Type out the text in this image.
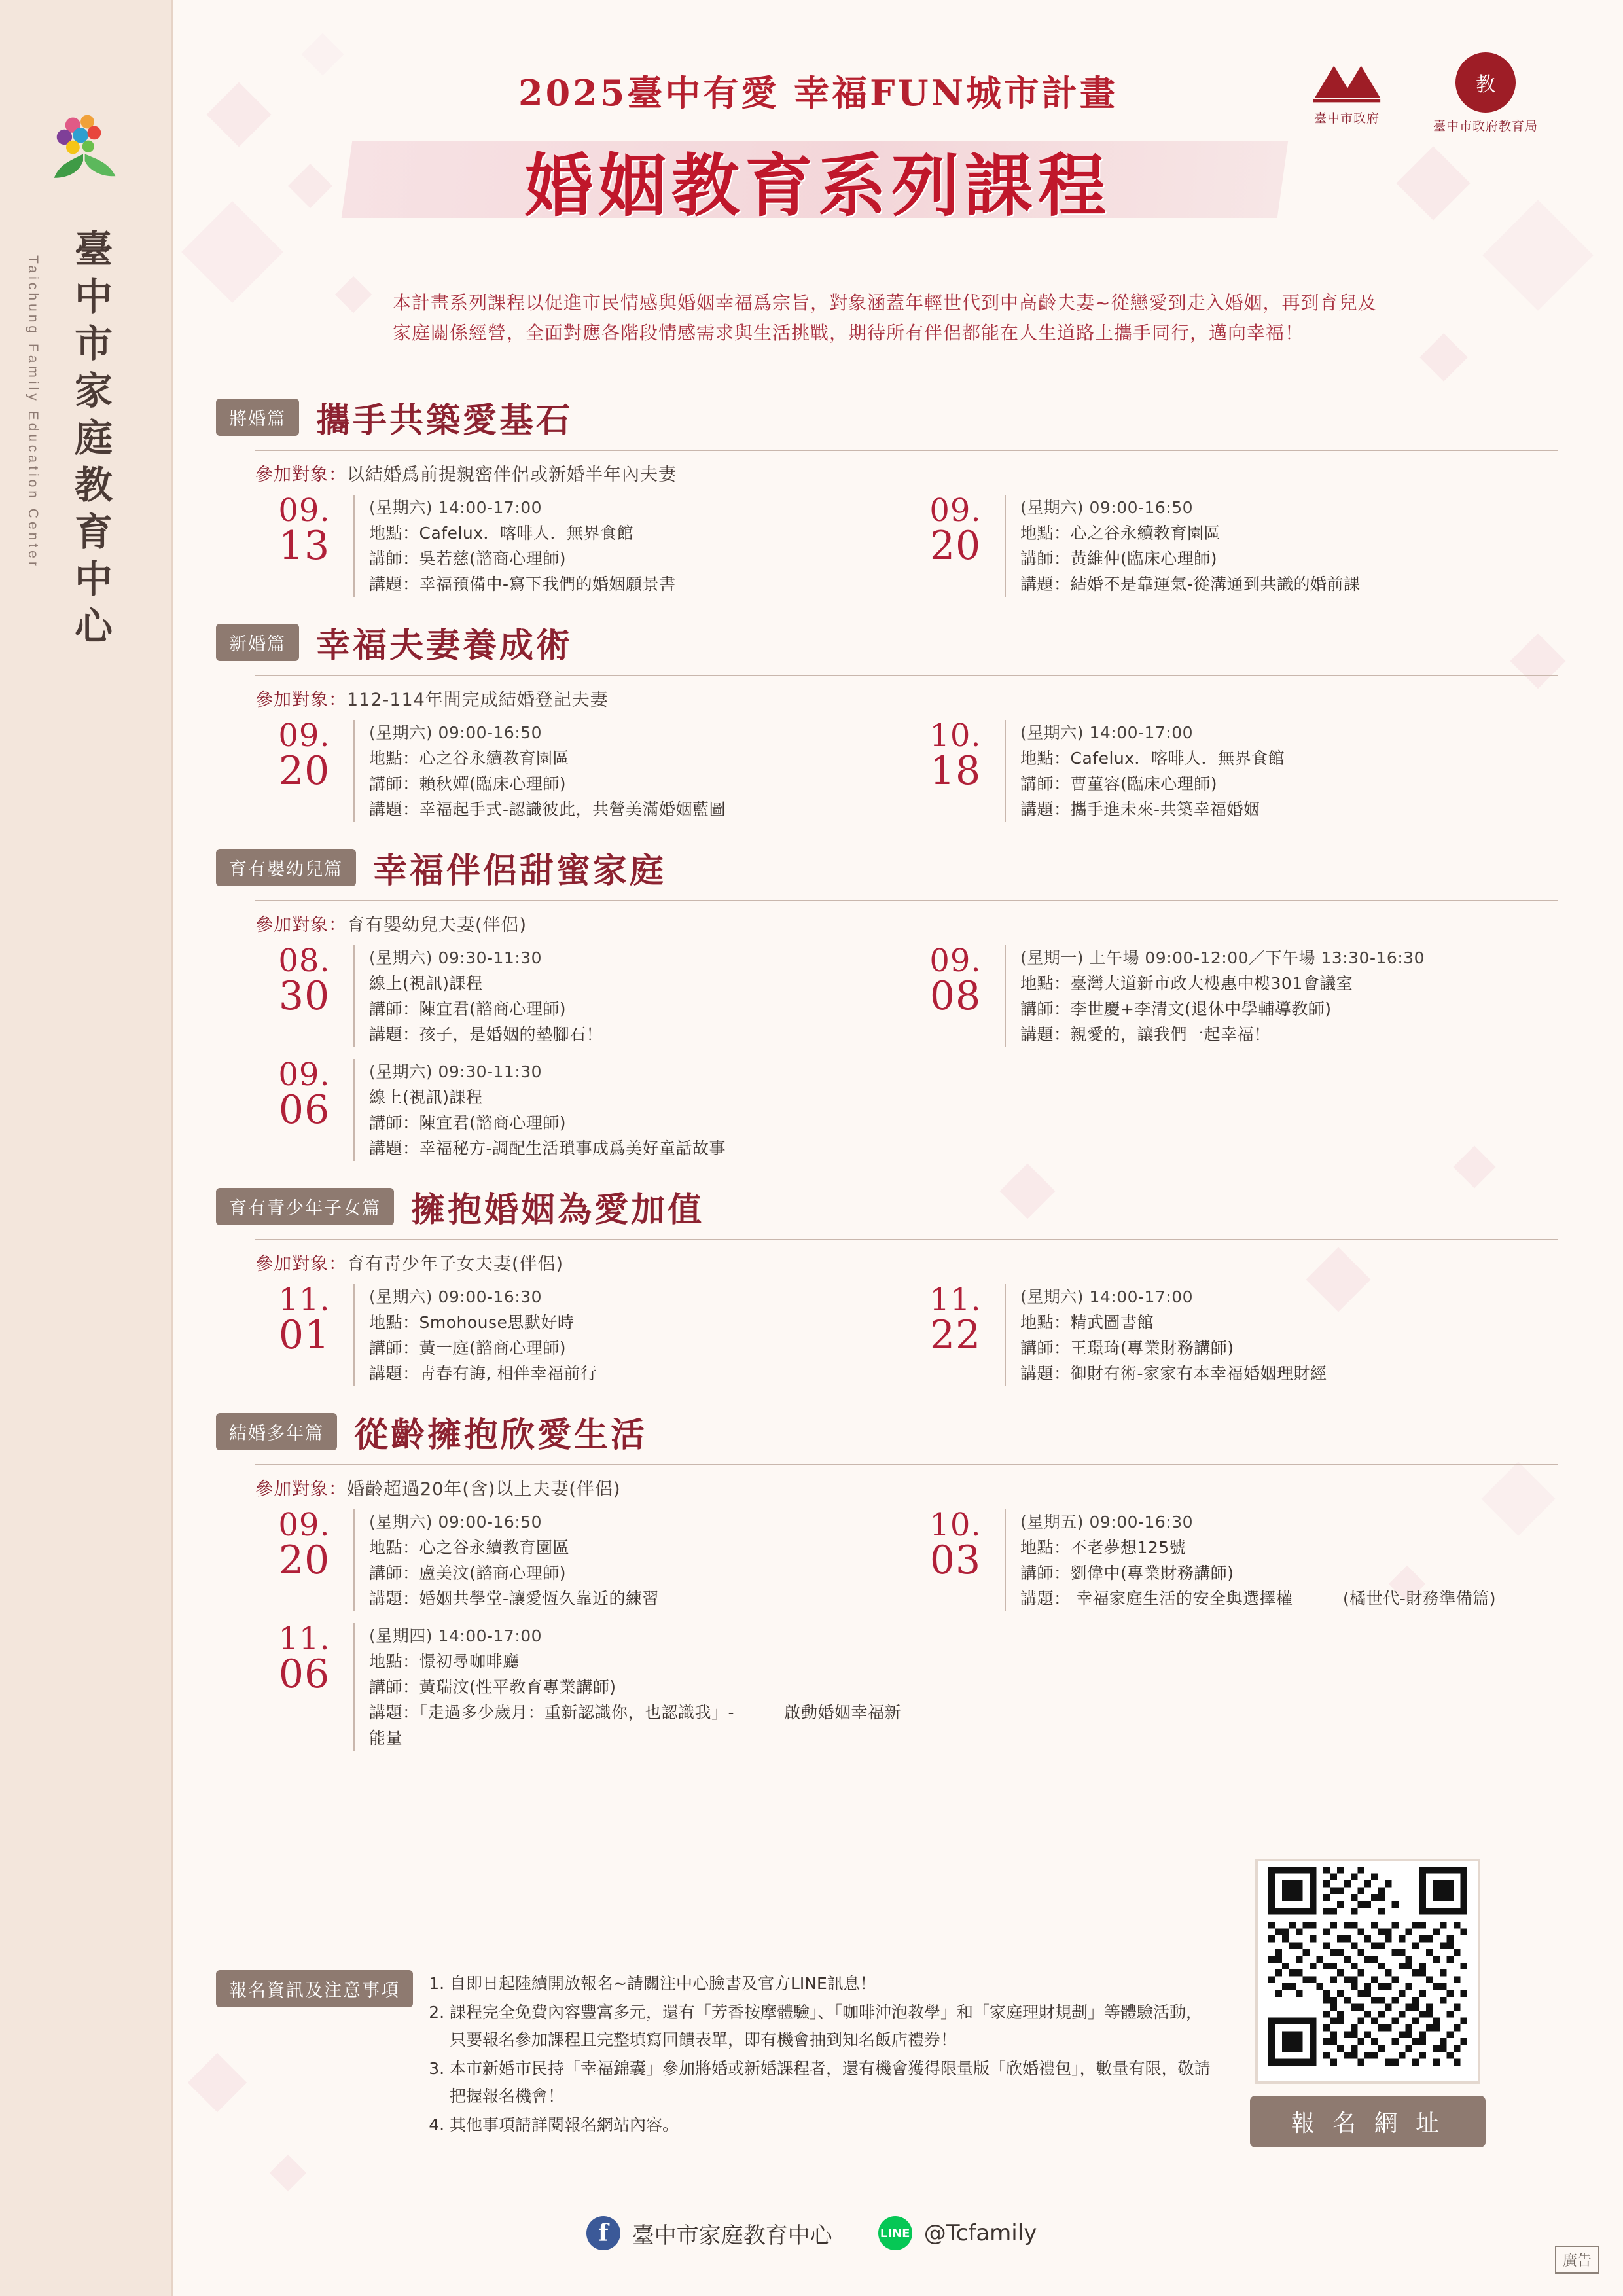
Taichung Family Education Center 臺中市家庭教育中心
臺中市政府
教
臺中市政府教育局
2025臺中有愛 幸福FUN城市計畫
婚姻教育系列課程
本計畫系列課程以促進市民情感與婚姻幸福爲宗旨，對象涵蓋年輕世代到中高齡夫妻~從戀愛到走入婚姻，再到育兒及家庭關係經營，全面對應各階段情感需求與生活挑戰，期待所有伴侶都能在人生道路上攜手同行，邁向幸福！
將婚篇 攜手共築愛基石
參加對象：以結婚爲前提親密伴侶或新婚半年內夫妻
09.
13
(星期六) 14:00-17:00
地點：Cafelux．喀啡人．無界食館
講師：吳若慈(諮商心理師)
講題：幸福預備中-寫下我們的婚姻願景書
09.
20
(星期六) 09:00-16:50
地點：心之谷永續教育園區
講師：黃維仲(臨床心理師)
講題：結婚不是靠運氣-從溝通到共識的婚前課
新婚篇 幸福夫妻養成術
參加對象：112-114年間完成結婚登記夫妻
09.
20
(星期六) 09:00-16:50
地點：心之谷永續教育園區
講師：賴秋嬋(臨床心理師)
講題：幸福起手式-認識彼此，共營美滿婚姻藍圖
10.
18
(星期六) 14:00-17:00
地點：Cafelux．喀啡人．無界食館
講師：曹菫容(臨床心理師)
講題：攜手進未來-共築幸福婚姻
育有嬰幼兒篇 幸福伴侶甜蜜家庭
參加對象：育有嬰幼兒夫妻(伴侶)
08.
30
(星期六) 09:30-11:30
線上(視訊)課程
講師：陳宜君(諮商心理師)
講題：孩子，是婚姻的墊腳石！
09.
08
(星期一) 上午場 09:00-12:00／下午場 13:30-16:30
地點：臺灣大道新市政大樓惠中樓301會議室
講師：李世慶+李清文(退休中學輔導教師)
講題：親愛的，讓我們一起幸福！
09.
06
(星期六) 09:30-11:30
線上(視訊)課程
講師：陳宜君(諮商心理師)
講題：幸福秘方-調配生活瑣事成爲美好童話故事
育有青少年子女篇 擁抱婚姻為愛加值
參加對象：育有靑少年子女夫妻(伴侶)
11.
01
(星期六) 09:00-16:30
地點：Smohouse思默好時
講師：黃一庭(諮商心理師)
講題：靑春有誨, 相伴幸福前行
11.
22
(星期六) 14:00-17:00
地點：精武圖書館
講師：王璟琦(專業財務講師)
講題：御財有術-家家有本幸福婚姻理財經
結婚多年篇 從齡擁抱欣愛生活
參加對象：婚齡超過20年(含)以上夫妻(伴侶)
09.
20
(星期六) 09:00-16:50
地點：心之谷永續教育園區
講師：盧美汶(諮商心理師)
講題：婚姻共學堂-讓愛恆久靠近的練習
10.
03
(星期五) 09:00-16:30
地點：不老夢想125號
講師：劉偉中(專業財務講師)
講題： 幸福家庭生活的安全與選擇權　　　(橘世代-財務準備篇)
11.
06
(星期四) 14:00-17:00
地點：憬初尋咖啡廳
講師：黃瑞汶(性平教育專業講師)
講題：「走過多少歲月：重新認識你，也認識我」-　　　啟動婚姻幸福新能量
報名資訊及注意事項	1. 自即日起陸續開放報名~請關注中心臉書及官方LINE訊息！
2. 課程完全免費內容豐富多元，還有「芳香按摩體驗」、「咖啡沖泡教學」和「家庭理財規劃」等體驗活動，只要報名參加課程且完整填寫回饋表單，即有機會抽到知名飯店禮券！
3. 本市新婚市民持「幸福錦囊」參加將婚或新婚課程者，還有機會獲得限量版「欣婚禮包」，數量有限，敬請把握報名機會！
4. 其他事項請詳閱報名網站內容。	報 名 網 址
f	臺中市家庭教育中心	LINE @Tcfamily
廣告
